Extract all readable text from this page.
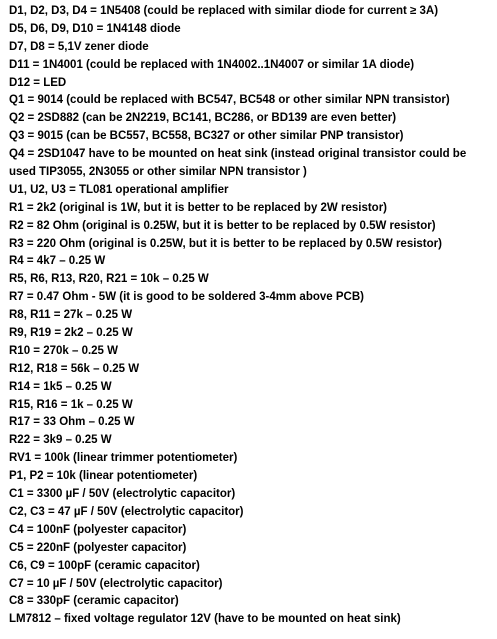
D1, D2, D3, D4 = 1N5408 (could be replaced with similar diode for current ≥ 3A)
D5, D6, D9, D10 = 1N4148 diode
D7, D8 = 5,1V zener diode
D11 = 1N4001 (could be replaced with 1N4002..1N4007 or similar 1A diode)
D12 = LED
Q1 = 9014 (could be replaced with BC547, BC548 or other similar NPN transistor)
Q2 = 2SD882 (can be 2N2219, BC141, BC286, or BD139 are even better)
Q3 = 9015 (can be BC557, BC558, BC327 or other similar PNP transistor)
Q4 = 2SD1047 have to be mounted on heat sink (instead original transistor could be
used TIP3055, 2N3055 or other similar NPN transistor )
U1, U2, U3 = TL081 operational amplifier
R1 = 2k2 (original is 1W, but it is better to be replaced by 2W resistor)
R2 = 82 Ohm (original is 0.25W, but it is better to be replaced by 0.5W resistor)
R3 = 220 Ohm (original is 0.25W, but it is better to be replaced by 0.5W resistor)
R4 = 4k7 – 0.25 W
R5, R6, R13, R20, R21 = 10k – 0.25 W
R7 = 0.47 Ohm - 5W (it is good to be soldered 3-4mm above PCB)
R8, R11 = 27k – 0.25 W
R9, R19 = 2k2 – 0.25 W
R10 = 270k – 0.25 W
R12, R18 = 56k – 0.25 W
R14 = 1k5 – 0.25 W
R15, R16 = 1k – 0.25 W
R17 = 33 Ohm – 0.25 W
R22 = 3k9 – 0.25 W
RV1 = 100k (linear trimmer potentiometer)
P1, P2 = 10k (linear potentiometer)
C1 = 3300 µF / 50V (electrolytic capacitor)
C2, C3 = 47 µF / 50V (electrolytic capacitor)
C4 = 100nF (polyester capacitor)
C5 = 220nF (polyester capacitor)
C6, C9 = 100pF (ceramic capacitor)
C7 = 10 µF / 50V (electrolytic capacitor)
C8 = 330pF (ceramic capacitor)
LM7812 – fixed voltage regulator 12V (have to be mounted on heat sink)
